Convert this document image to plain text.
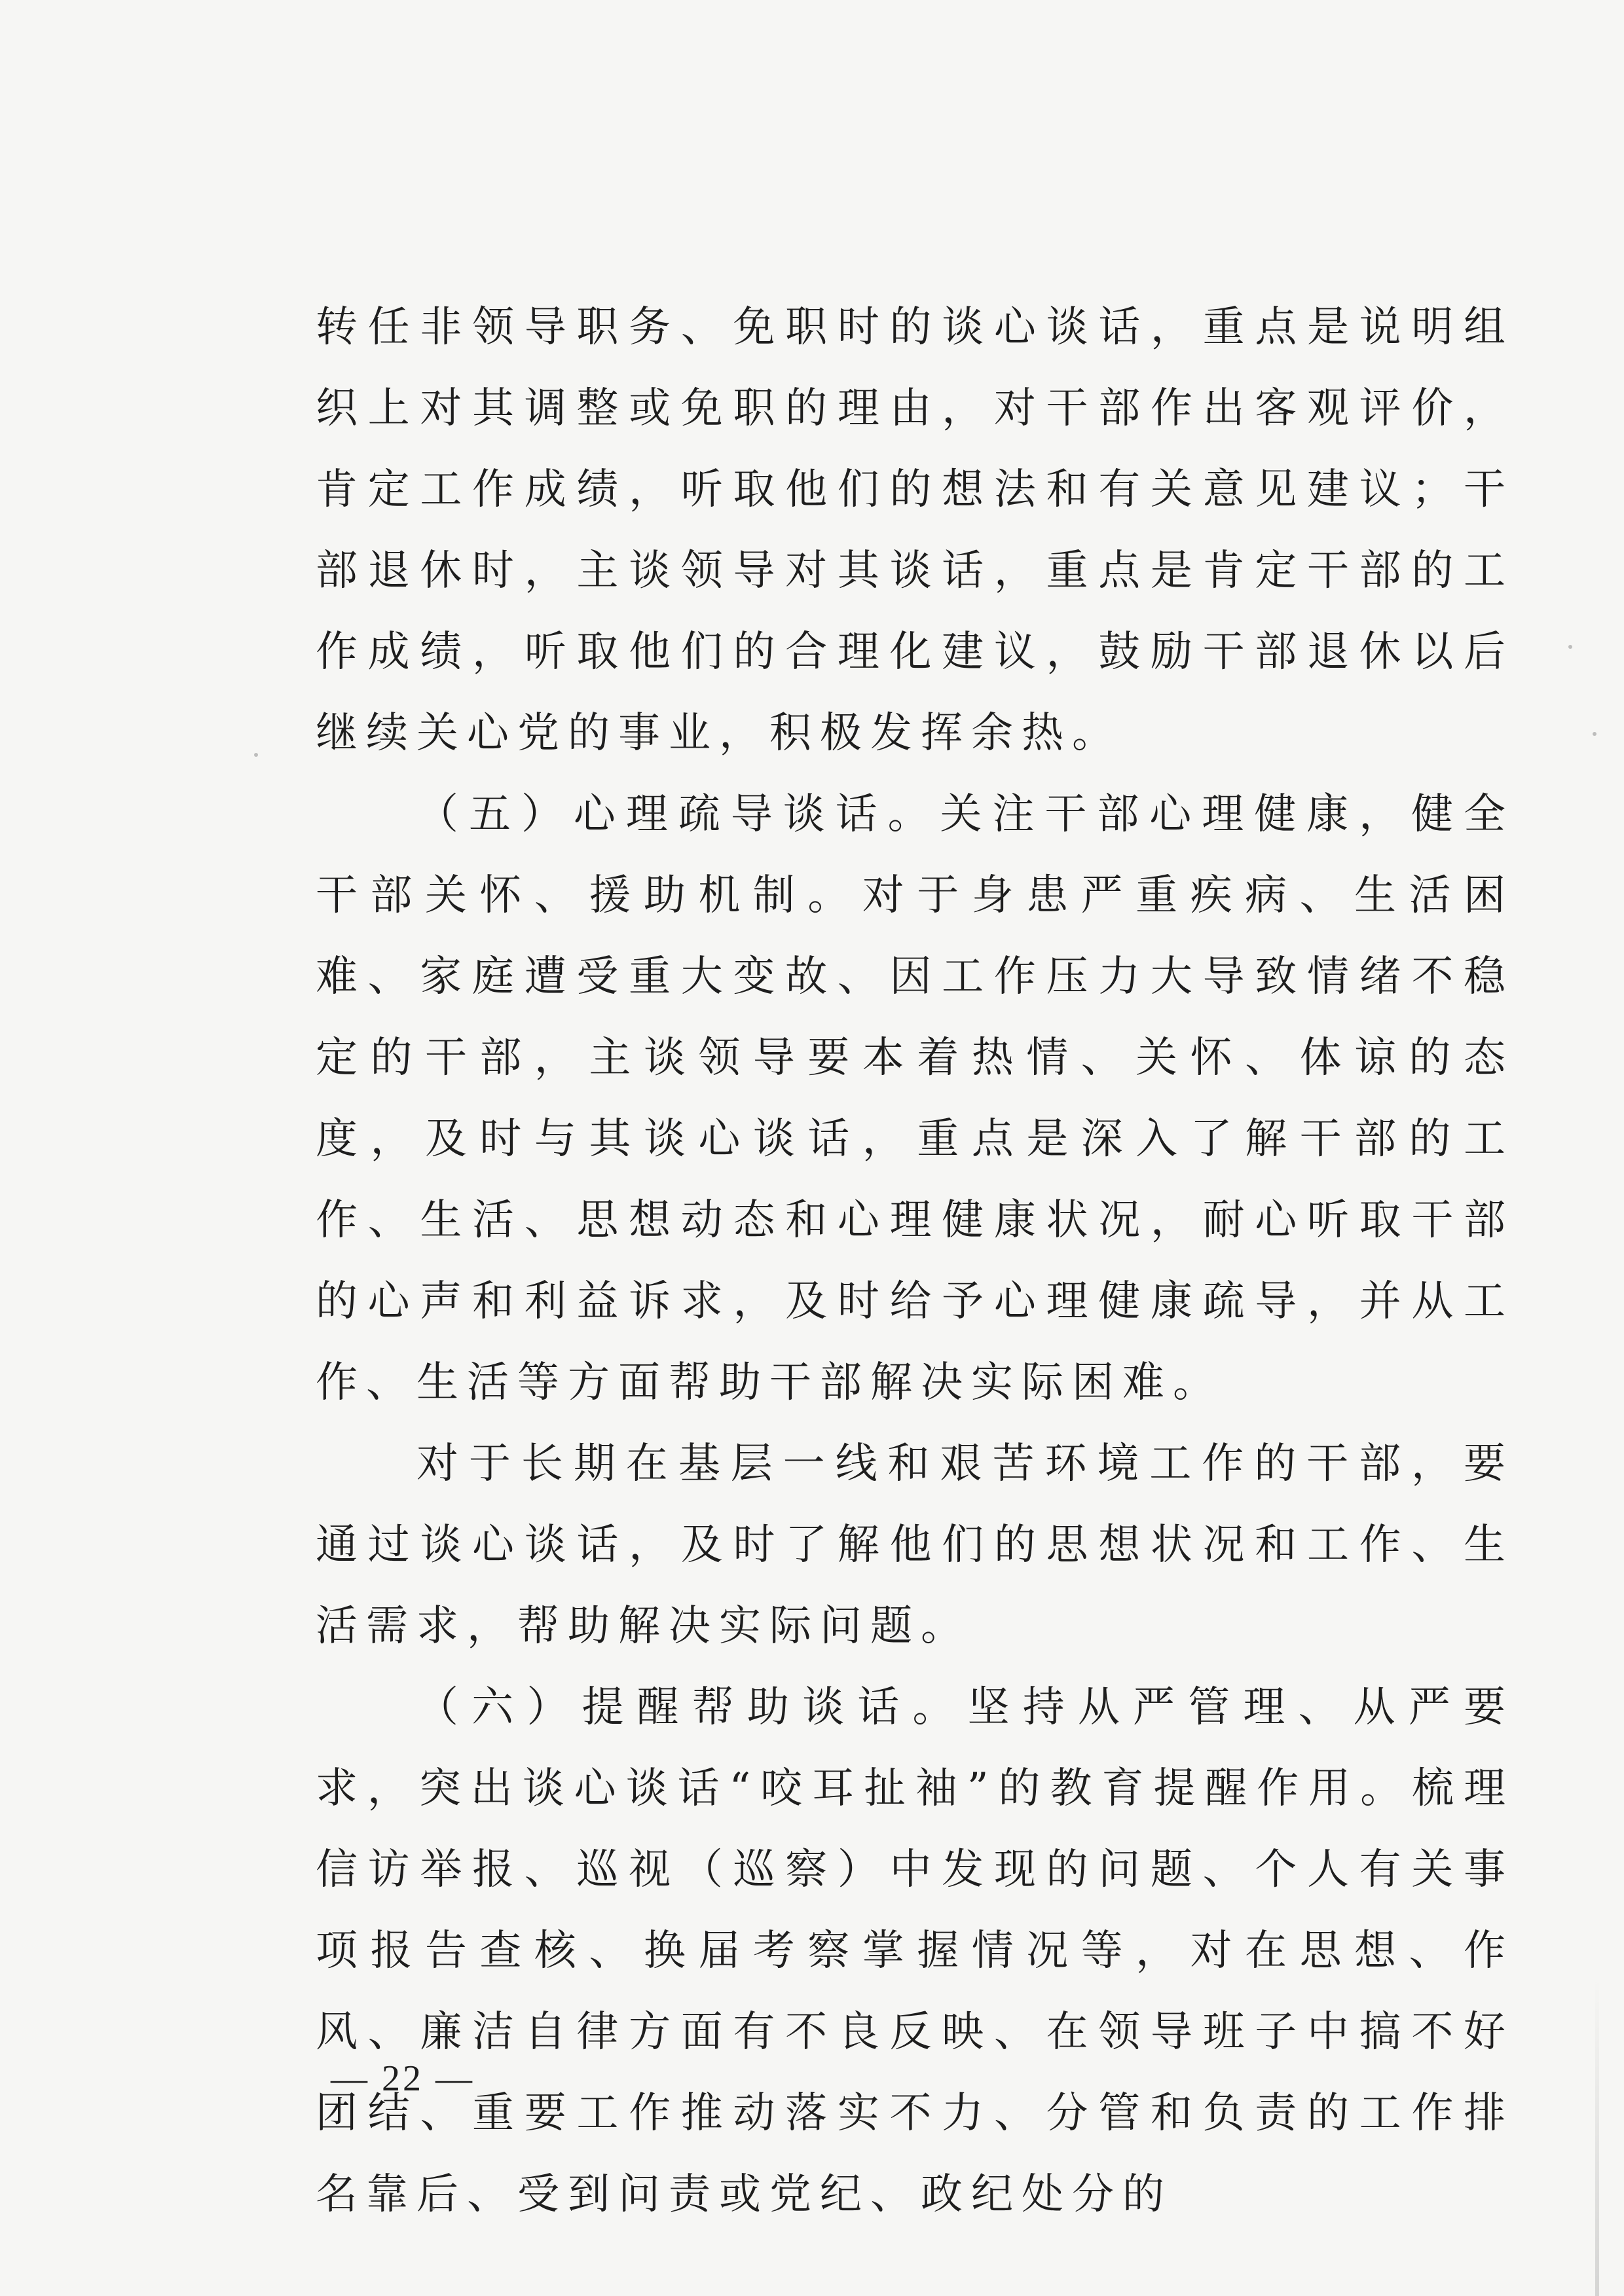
转任非领导职务、免职时的谈心谈话，重点是说明组织上对其调整或免职的理由，对干部作出客观评价，肯定工作成绩，听取他们的想法和有关意见建议；干部退休时，主谈领导对其谈话，重点是肯定干部的工作成绩，听取他们的合理化建议，鼓励干部退休以后继续关心党的事业，积极发挥余热。

（五）心理疏导谈话。关注干部心理健康，健全干部关怀、援助机制。对于身患严重疾病、生活困难、家庭遭受重大变故、因工作压力大导致情绪不稳定的干部，主谈领导要本着热情、关怀、体谅的态度，及时与其谈心谈话，重点是深入了解干部的工作、生活、思想动态和心理健康状况，耐心听取干部的心声和利益诉求，及时给予心理健康疏导，并从工作、生活等方面帮助干部解决实际困难。

对于长期在基层一线和艰苦环境工作的干部，要通过谈心谈话，及时了解他们的思想状况和工作、生活需求，帮助解决实际问题。

（六）提醒帮助谈话。坚持从严管理、从严要求，突出谈心谈话“咬耳扯袖”的教育提醒作用。梳理信访举报、巡视（巡察）中发现的问题、个人有关事项报告查核、换届考察掌握情况等，对在思想、作风、廉洁自律方面有不良反映、在领导班子中搞不好团结、重要工作推动落实不力、分管和负责的工作排名靠后、受到问责或党纪、政纪处分的

— 22 —
